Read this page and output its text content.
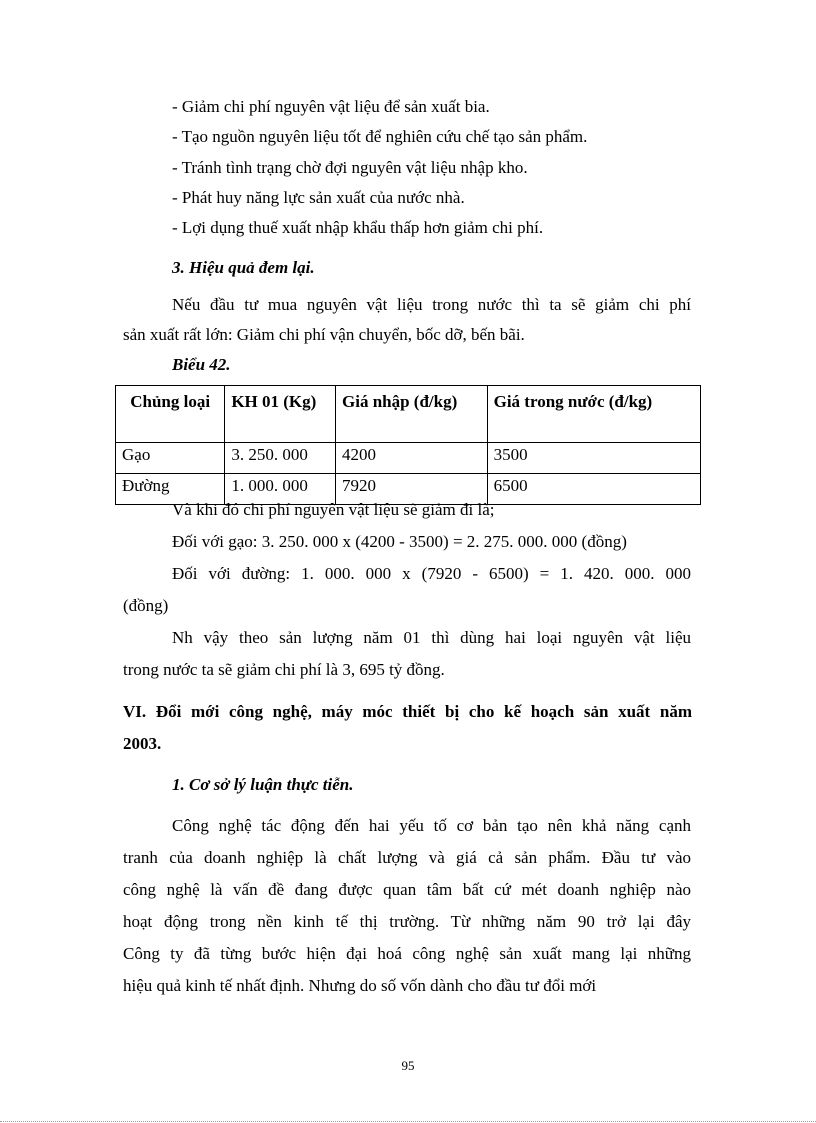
- Giảm chi phí nguyên vật liệu để sản xuất bia.
- Tạo nguồn nguyên liệu tốt để nghiên cứu chế tạo sản phẩm.
- Tránh tình trạng chờ đợi nguyên vật liệu nhập kho.
- Phát huy năng lực sản xuất của nước nhà.
- Lợi dụng thuế xuất nhập khẩu thấp hơn giảm chi phí.
3. Hiệu quả đem lại.
Nếu đầu tư mua nguyên vật liệu trong nước thì ta sẽ giảm chi phí
sản xuất rất lớn: Giảm chi phí vận chuyển, bốc dỡ, bến bãi.
Biểu 42.
Chủng loại	KH 01 (Kg)	Giá nhập (đ/kg)	Giá trong nước (đ/kg)
Gạo	3. 250. 000	4200	3500
Đường	1. 000. 000	7920	6500
Và khi đó chi phí nguyên vật liệu sẽ giảm đi là;
Đối với gạo: 3. 250. 000 x (4200 - 3500) = 2. 275. 000. 000 (đồng)
Đối với đường: 1. 000. 000 x (7920 - 6500) = 1. 420. 000. 000
(đồng)
Nh vậy theo sản lượng năm 01 thì dùng hai loại nguyên vật liệu
trong nước ta sẽ giảm chi phí là 3, 695 tỷ đồng.
VI. Đổi mới công nghệ, máy móc thiết bị cho kế hoạch sản xuất năm
2003.
1. Cơ sở lý luận thực tiễn.
Công nghệ tác động đến hai yếu tố cơ bản tạo nên khả năng cạnh
tranh của doanh nghiệp là chất lượng và giá cả sản phẩm. Đầu tư vào
công nghệ là vấn đề đang được quan tâm bất cứ mét doanh nghiệp nào
hoạt động trong nền kinh tế thị trường. Từ những năm 90 trở lại đây
Công ty đã từng bước hiện đại hoá công nghệ sản xuất mang lại những
hiệu quả kinh tế nhất định. Nhưng do số vốn dành cho đầu tư đổi mới
95
